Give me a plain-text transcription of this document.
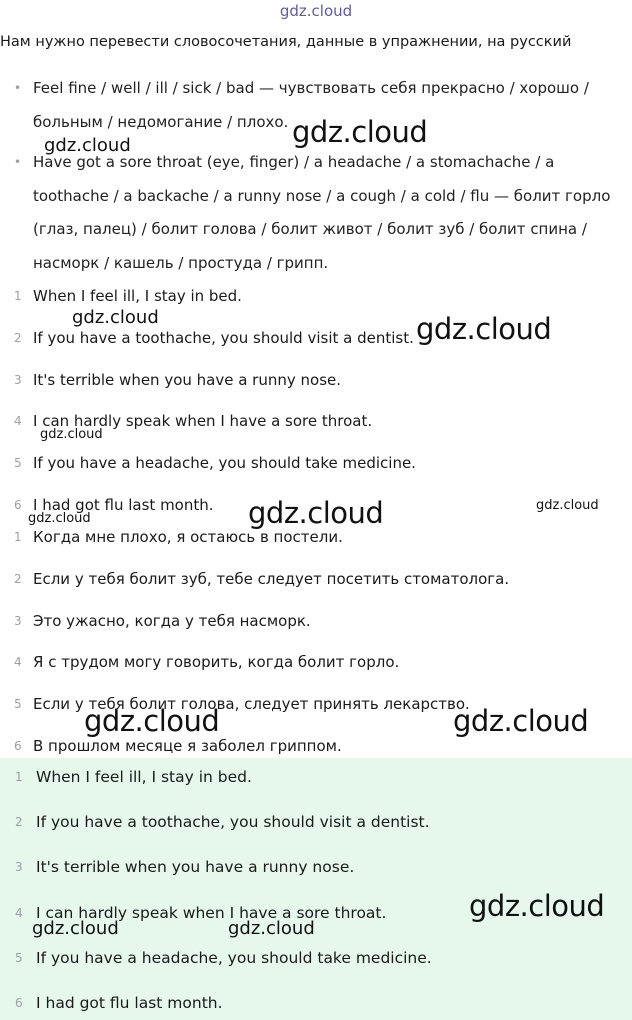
gdz.cloud
Нам нужно перевести словосочетания, данные в упражнении, на русский
• Feel fine / well / ill / sick / bad — чувствовать себя прекрасно / хорошо / больным / недомогание / плохо.
• Have got a sore throat (eye, finger) / a headache / a stomachache / a toothache / a backache / a runny nose / a cough / a cold / flu — болит горло (глаз, палец) / болит голова / болит живот / болит зуб / болит спина / насморк / кашель / простуда / грипп.
1 When I feel ill, I stay in bed.
2 If you have a toothache, you should visit a dentist.
3 It's terrible when you have a runny nose.
4 I can hardly speak when I have a sore throat.
5 If you have a headache, you should take medicine.
6 I had got flu last month.
1 Когда мне плохо, я остаюсь в постели.
2 Если у тебя болит зуб, тебе следует посетить стоматолога.
3 Это ужасно, когда у тебя насморк.
4 Я с трудом могу говорить, когда болит горло.
5 Если у тебя болит голова, следует принять лекарство.
6 В прошлом месяце я заболел гриппом.
1 When I feel ill, I stay in bed.
2 If you have a toothache, you should visit a dentist.
3 It's terrible when you have a runny nose.
4 I can hardly speak when I have a sore throat.
5 If you have a headache, you should take medicine.
6 I had got flu last month.
gdz.cloud	gdz.cloud
gdz.cloud	gdz.cloud
gdz.cloud
gdz.cloud
gdz.cloud	gdz.cloud
gdz.cloud	gdz.cloud
gdz.cloud
gdz.cloud	gdz.cloud
